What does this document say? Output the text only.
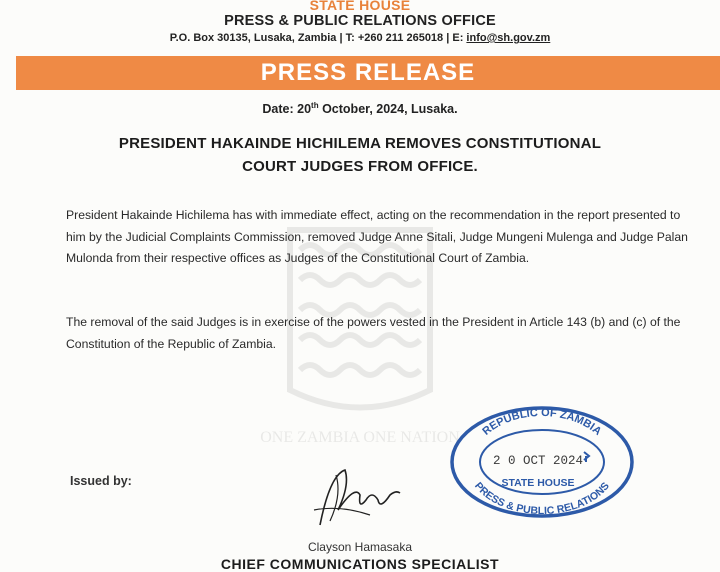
STATE HOUSE
PRESS & PUBLIC RELATIONS OFFICE
P.O. Box 30135, Lusaka, Zambia | T: +260 211 265018 | E: info@sh.gov.zm
PRESS RELEASE
Date: 20th October, 2024, Lusaka.
PRESIDENT HAKAINDE HICHILEMA REMOVES CONSTITUTIONAL
COURT JUDGES FROM OFFICE.
ONE ZAMBIA ONE NATION
President Hakainde Hichilema has with immediate effect, acting on the recommendation in the report presented to him by the Judicial Complaints Commission, removed Judge Anne Sitali, Judge Mungeni Mulenga and Judge Palan Mulonda from their respective offices as Judges of the Constitutional Court of Zambia.
The removal of the said Judges is in exercise of the powers vested in the President in Article 143 (b) and (c) of the Constitution of the Republic of Zambia.
REPUBLIC OF ZAMBIA
2 0 OCT 2024
STATE HOUSE
PRESS & PUBLIC RELATIONS
Issued by:
Clayson Hamasaka
CHIEF COMMUNICATIONS SPECIALIST
